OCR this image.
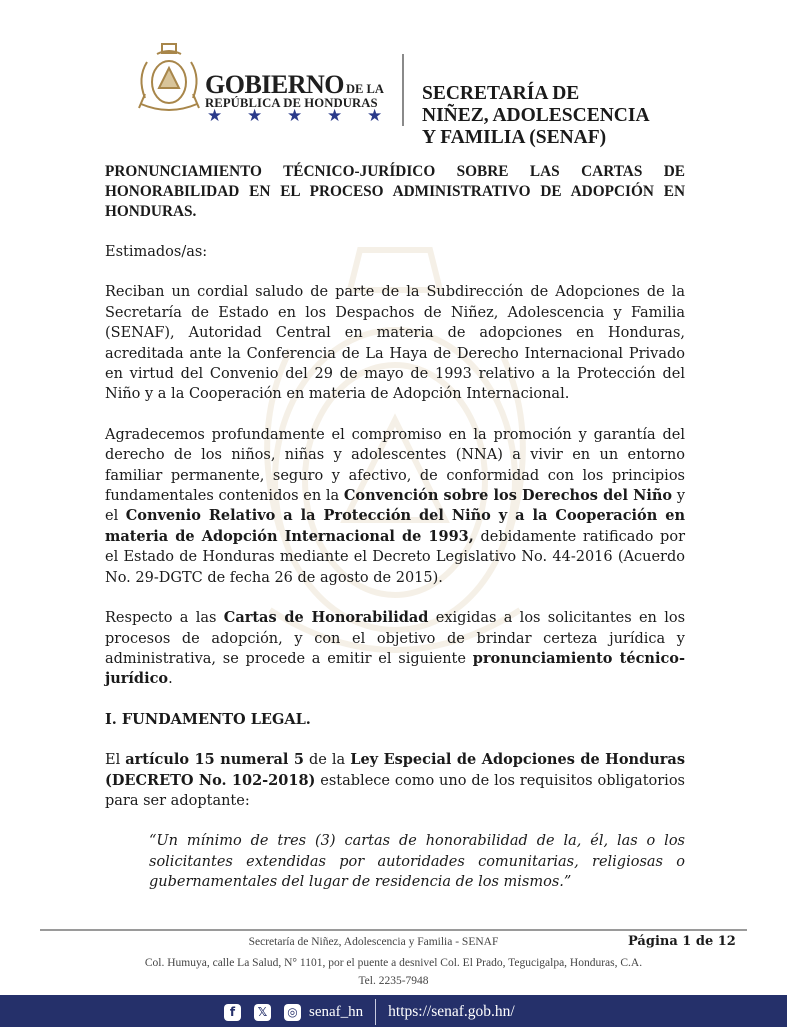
GOBIERNO DE LA
REPÚBLICA DE HONDURAS
★ ★ ★ ★ ★
SECRETARÍA DE
NIÑEZ, ADOLESCENCIA
Y FAMILIA (SENAF)

PRONUNCIAMIENTO TÉCNICO-JURÍDICO SOBRE LAS CARTAS DE HONORABILIDAD EN EL PROCESO ADMINISTRATIVO DE ADOPCIÓN EN HONDURAS.

Estimados/as:

Reciban un cordial saludo de parte de la Subdirección de Adopciones de la Secretaría de Estado en los Despachos de Niñez, Adolescencia y Familia (SENAF), Autoridad Central en materia de adopciones en Honduras, acreditada ante la Conferencia de La Haya de Derecho Internacional Privado en virtud del Convenio del 29 de mayo de 1993 relativo a la Protección del Niño y a la Cooperación en materia de Adopción Internacional.

Agradecemos profundamente el compromiso en la promoción y garantía del derecho de los niños, niñas y adolescentes (NNA) a vivir en un entorno familiar permanente, seguro y afectivo, de conformidad con los principios fundamentales contenidos en la Convención sobre los Derechos del Niño y el Convenio Relativo a la Protección del Niño y a la Cooperación en materia de Adopción Internacional de 1993, debidamente ratificado por el Estado de Honduras mediante el Decreto Legislativo No. 44-2016 (Acuerdo No. 29-DGTC de fecha 26 de agosto de 2015).

Respecto a las Cartas de Honorabilidad exigidas a los solicitantes en los procesos de adopción, y con el objetivo de brindar certeza jurídica y administrativa, se procede a emitir el siguiente pronunciamiento técnico-jurídico.

I. FUNDAMENTO LEGAL.

El artículo 15 numeral 5 de la Ley Especial de Adopciones de Honduras (DECRETO No. 102-2018) establece como uno de los requisitos obligatorios para ser adoptante:

“Un mínimo de tres (3) cartas de honorabilidad de la, él, las o los solicitantes extendidas por autoridades comunitarias, religiosas o gubernamentales del lugar de residencia de los mismos.”

Secretaría de Niñez, Adolescencia y Familia - SENAF	Página 1 de 12
Col. Humuya, calle La Salud, N° 1101, por el puente a desnivel Col. El Prado, Tegucigalpa, Honduras, C.A.
Tel. 2235-7948
f	𝕏	◎ senaf_hn https://senaf.gob.hn/
